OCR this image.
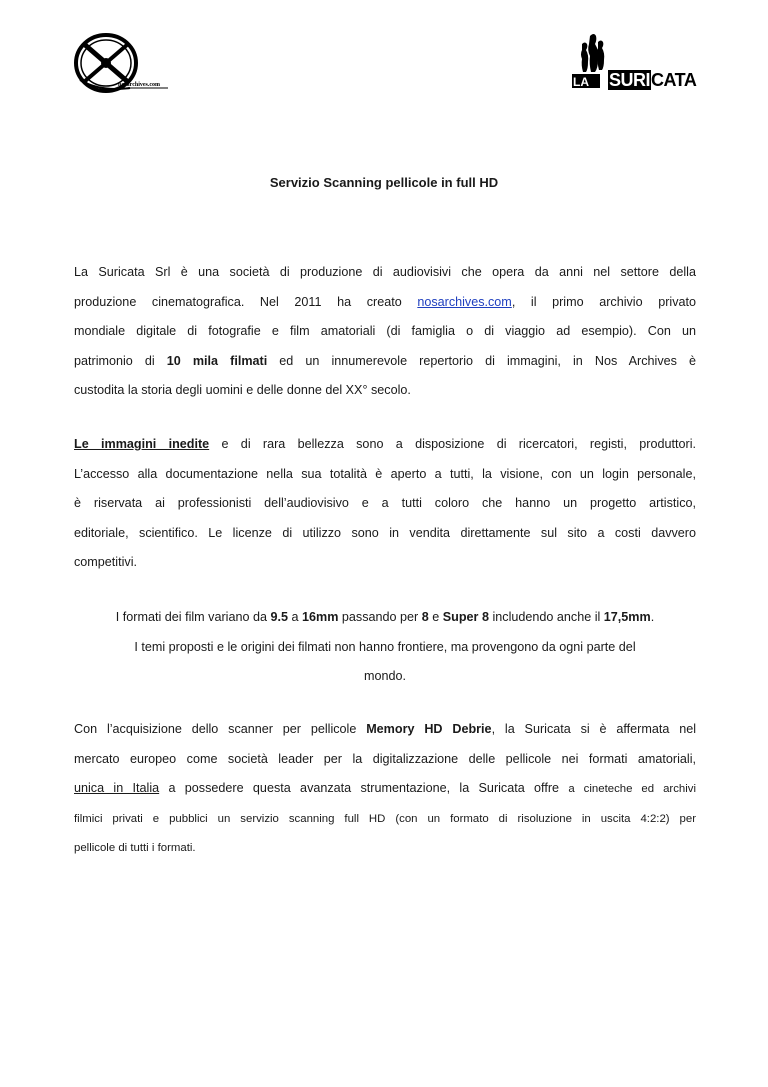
nosarchives.com	LA SURICATA
Servizio Scanning pellicole in full HD

La Suricata Srl è una società di produzione di audiovisivi che opera da anni nel settore della
produzione cinematografica. Nel 2011 ha creato nosarchives.com, il primo archivio privato
mondiale digitale di fotografie e film amatoriali (di famiglia o di viaggio ad esempio). Con un
patrimonio di 10 mila filmati ed un innumerevole repertorio di immagini, in Nos Archives è
custodita la storia degli uomini e delle donne del XX° secolo.

Le immagini inedite e di rara bellezza sono a disposizione di ricercatori, registi, produttori.
L’accesso alla documentazione nella sua totalità è aperto a tutti, la visione, con un login personale,
è riservata ai professionisti dell’audiovisivo e a tutti coloro che hanno un progetto artistico,
editoriale, scientifico. Le licenze di utilizzo sono in vendita direttamente sul sito a costi davvero
competitivi.

I formati dei film variano da 9.5 a 16mm passando per 8 e Super 8 includendo anche il 17,5mm.
I temi proposti e le origini dei filmati non hanno frontiere, ma provengono da ogni parte del
mondo.

Con l’acquisizione dello scanner per pellicole Memory HD Debrie, la Suricata si è affermata nel
mercato europeo come società leader per la digitalizzazione delle pellicole nei formati amatoriali,
unica in Italia a possedere questa avanzata strumentazione, la Suricata offre a cineteche ed archivi
filmici privati e pubblici un servizio scanning full HD (con un formato di risoluzione in uscita 4:2:2) per
pellicole di tutti i formati.
